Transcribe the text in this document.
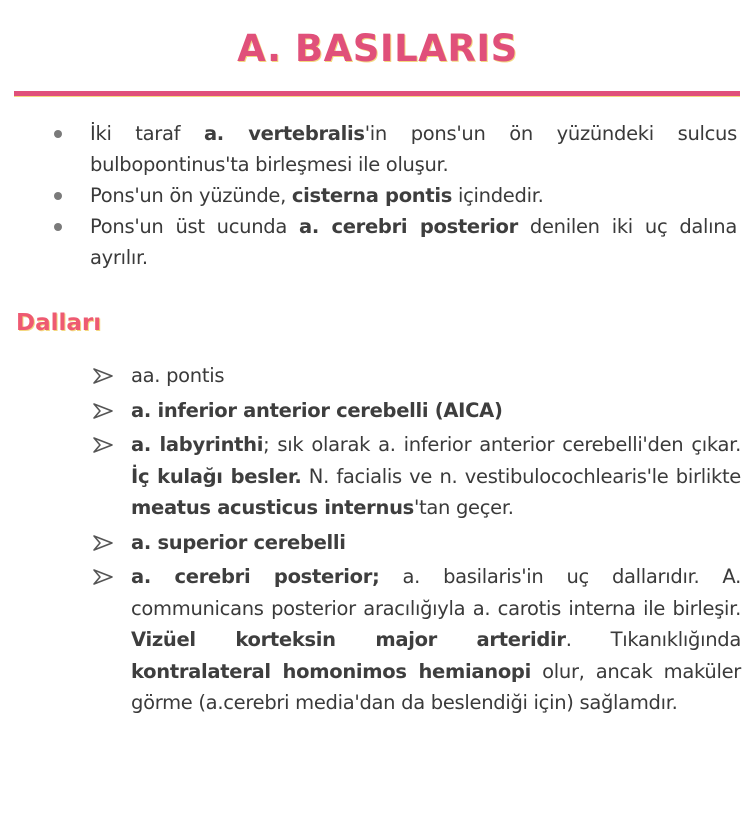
A. BASILARIS
İki taraf a. vertebralis'in pons'un ön yüzündeki sulcus bulbopontinus'ta birleşmesi ile oluşur.
Pons'un ön yüzünde, cisterna pontis içindedir.
Pons'un üst ucunda a. cerebri posterior denilen iki uç dalına ayrılır.
Dalları
aa. pontis
a. inferior anterior cerebelli (AICA)
a. labyrinthi; sık olarak a. inferior anterior cerebelli'den çıkar. İç kulağı besler. N. facialis ve n. vestibulocochlearis'le birlikte meatus acusticus internus'tan geçer.
a. superior cerebelli
a. cerebri posterior; a. basilaris'in uç dallarıdır. A. communicans posterior aracılığıyla a. carotis interna ile birleşir. Vizüel korteksin major arteridir. Tıkanıklığında kontralateral homonimos hemianopi olur, ancak maküler görme (a.cerebri media'dan da beslendiği için) sağlamdır.
